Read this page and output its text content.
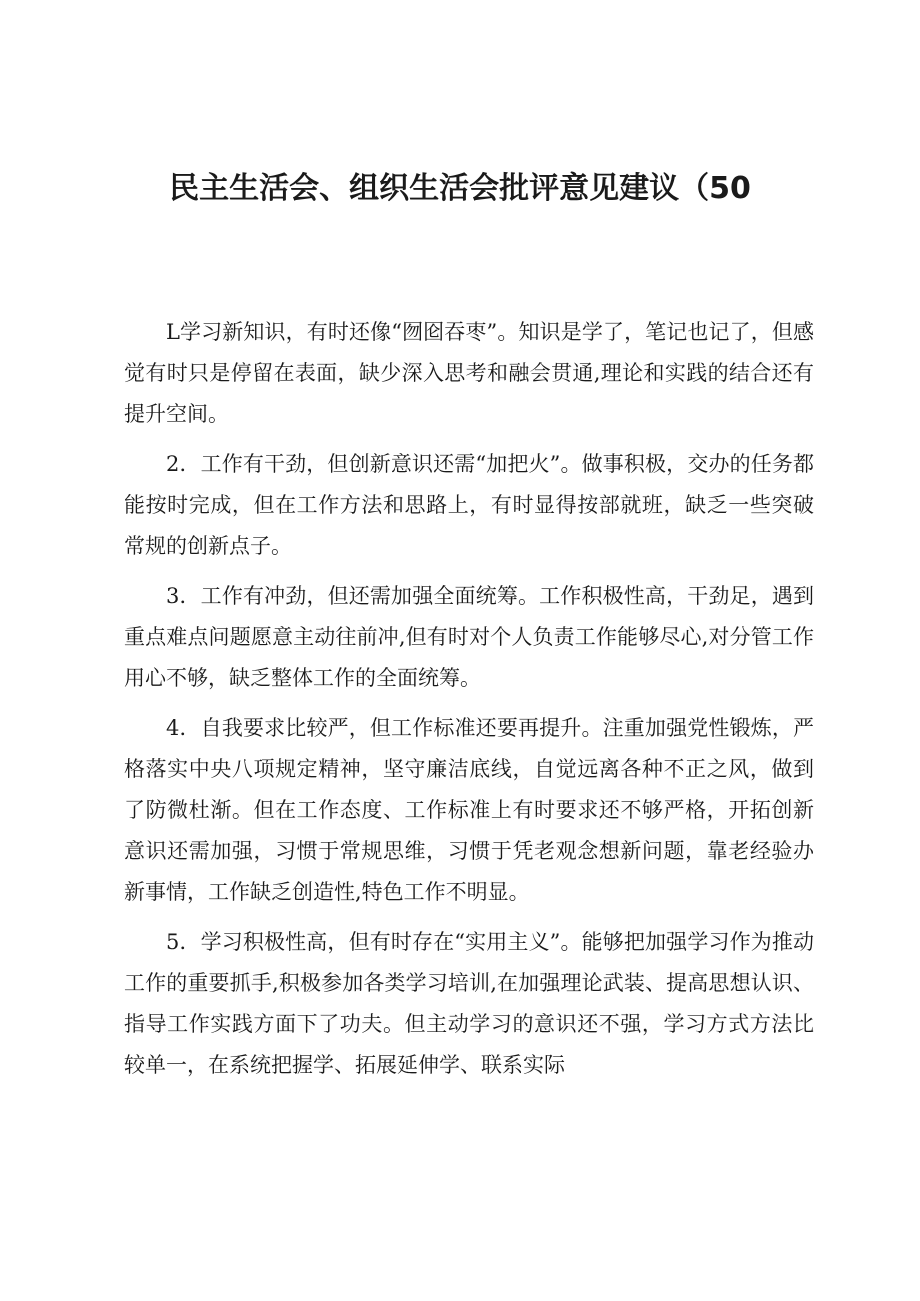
民主生活会、组织生活会批评意见建议（50

L学习新知识，有时还像“囫囵吞枣”。知识是学了，笔记也记了，但感觉有时只是停留在表面，缺少深入思考和融会贯通,理论和实践的结合还有提升空间。

2．工作有干劲，但创新意识还需“加把火”。做事积极，交办的任务都能按时完成，但在工作方法和思路上，有时显得按部就班，缺乏一些突破常规的创新点子。

3．工作有冲劲，但还需加强全面统筹。工作积极性高，干劲足，遇到重点难点问题愿意主动往前冲,但有时对个人负责工作能够尽心,对分管工作用心不够，缺乏整体工作的全面统筹。

4．自我要求比较严，但工作标准还要再提升。注重加强党性锻炼，严格落实中央八项规定精神，坚守廉洁底线，自觉远离各种不正之风，做到了防微杜渐。但在工作态度、工作标准上有时要求还不够严格，开拓创新意识还需加强，习惯于常规思维，习惯于凭老观念想新问题，靠老经验办新事情，工作缺乏创造性,特色工作不明显。

5．学习积极性高，但有时存在“实用主义”。能够把加强学习作为推动工作的重要抓手,积极参加各类学习培训,在加强理论武装、提高思想认识、指导工作实践方面下了功夫。但主动学习的意识还不强，学习方式方法比较单一，在系统把握学、拓展延伸学、联系实际
